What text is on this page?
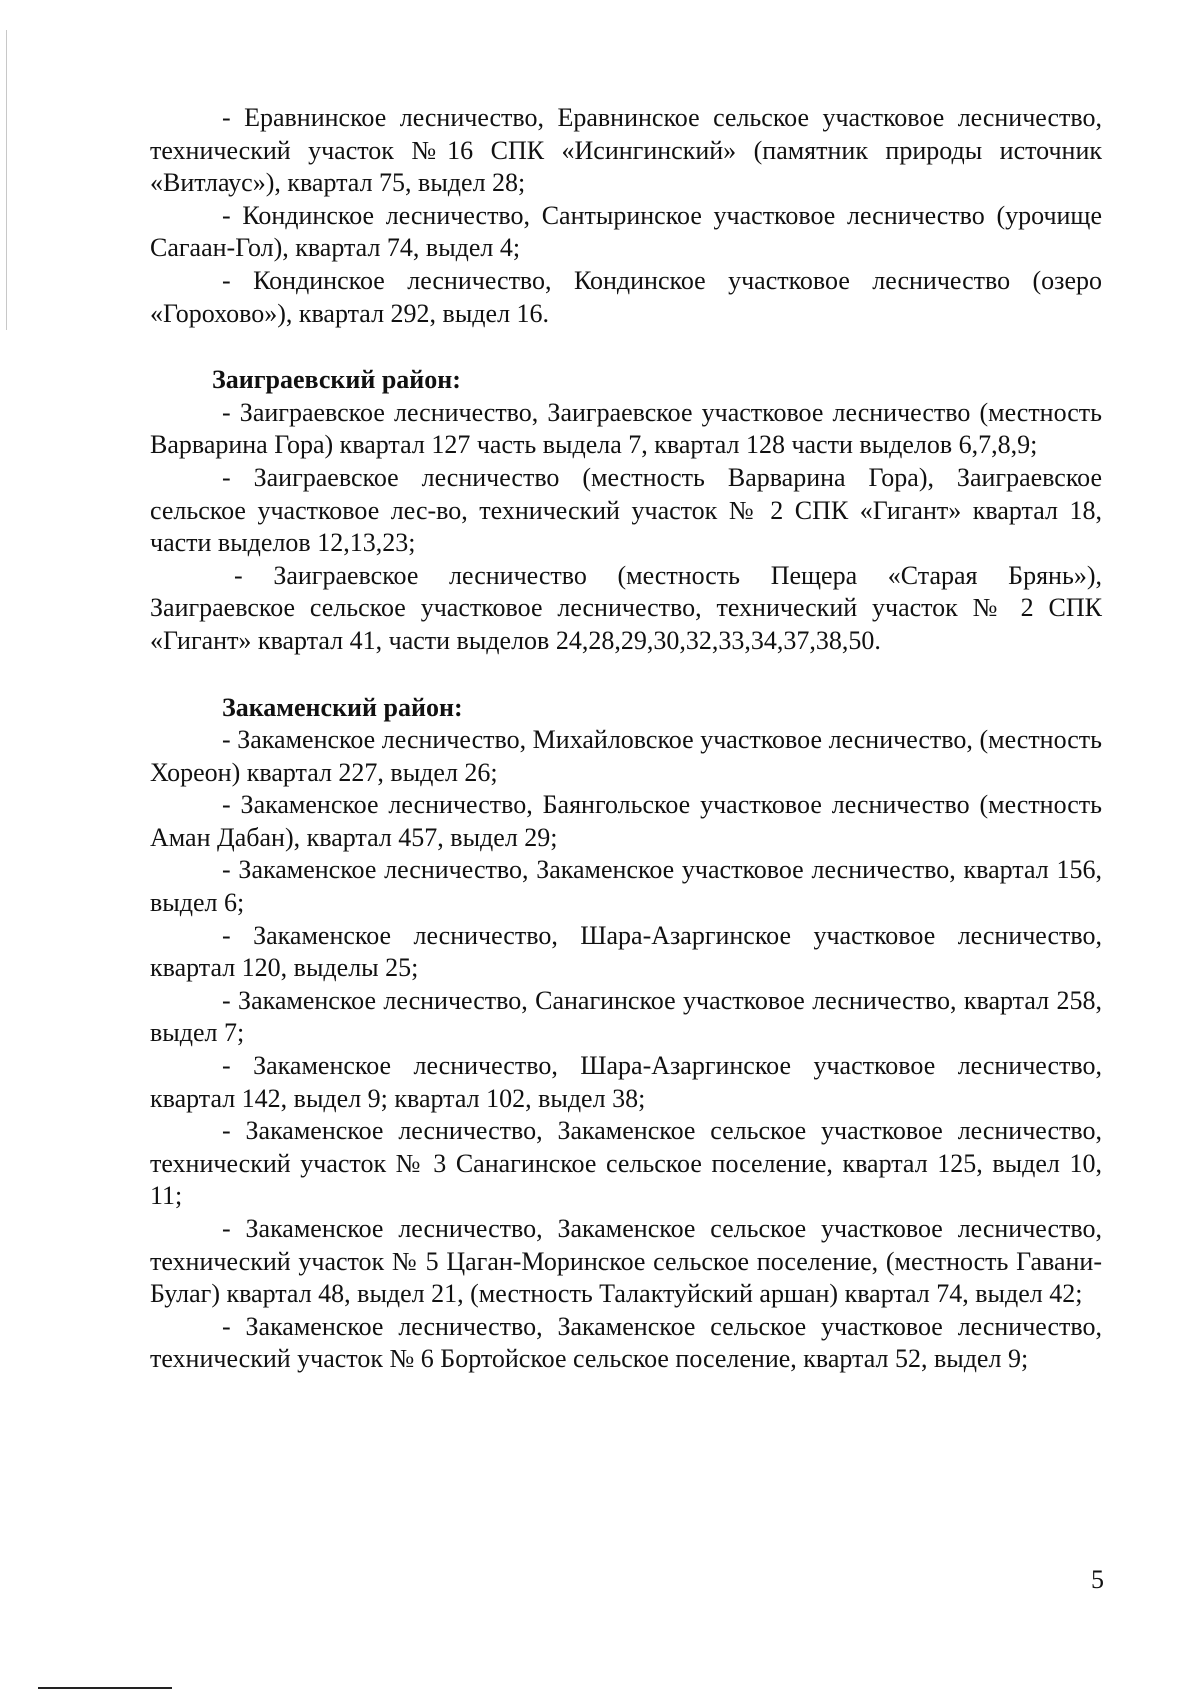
- Еравнинское лесничество, Еравнинское сельское участковое лесничество, технический участок №16 СПК «Исингинский» (памятник природы источник «Витлаус»), квартал 75, выдел 28;

- Кондинское лесничество, Сантыринское участковое лесничество (урочище Сагаан-Гол), квартал 74, выдел 4;

- Кондинское лесничество, Кондинское участковое лесничество (озеро «Горохово»), квартал 292, выдел 16.

Заиграевский район:

- Заиграевское лесничество, Заиграевское участковое лесничество (местность Варварина Гора) квартал 127 часть выдела 7, квартал 128 части выделов 6,7,8,9;

- Заиграевское лесничество (местность Варварина Гора), Заиграевское сельское участковое лес-во, технический участок № 2 СПК «Гигант» квартал 18, части выделов 12,13,23;

- Заиграевское лесничество (местность Пещера «Старая Брянь»), Заиграевское сельское участковое лесничество, технический участок № 2 СПК «Гигант» квартал 41, части выделов 24,28,29,30,32,33,34,37,38,50.

Закаменский район:

- Закаменское лесничество, Михайловское участковое лесничество, (местность Хореон) квартал 227, выдел 26;

- Закаменское лесничество, Баянгольское участковое лесничество (местность Аман Дабан), квартал 457, выдел 29;

- Закаменское лесничество, Закаменское участковое лесничество, квартал 156, выдел 6;

- Закаменское лесничество, Шара-Азаргинское участковое лесничество, квартал 120, выделы 25;

- Закаменское лесничество, Санагинское участковое лесничество, квартал 258, выдел 7;

- Закаменское лесничество, Шара-Азаргинское участковое лесничество, квартал 142, выдел 9; квартал 102, выдел 38;

- Закаменское лесничество, Закаменское сельское участковое лесничество, технический участок № 3 Санагинское сельское поселение, квартал 125, выдел 10, 11;

- Закаменское лесничество, Закаменское сельское участковое лесничество, технический участок № 5 Цаган-Моринское сельское поселение, (местность Гавани-Булаг) квартал 48, выдел 21, (местность Талактуйский аршан) квартал 74, выдел 42;

- Закаменское лесничество, Закаменское сельское участковое лесничество, технический участок № 6 Бортойское сельское поселение, квартал 52, выдел 9;

5
